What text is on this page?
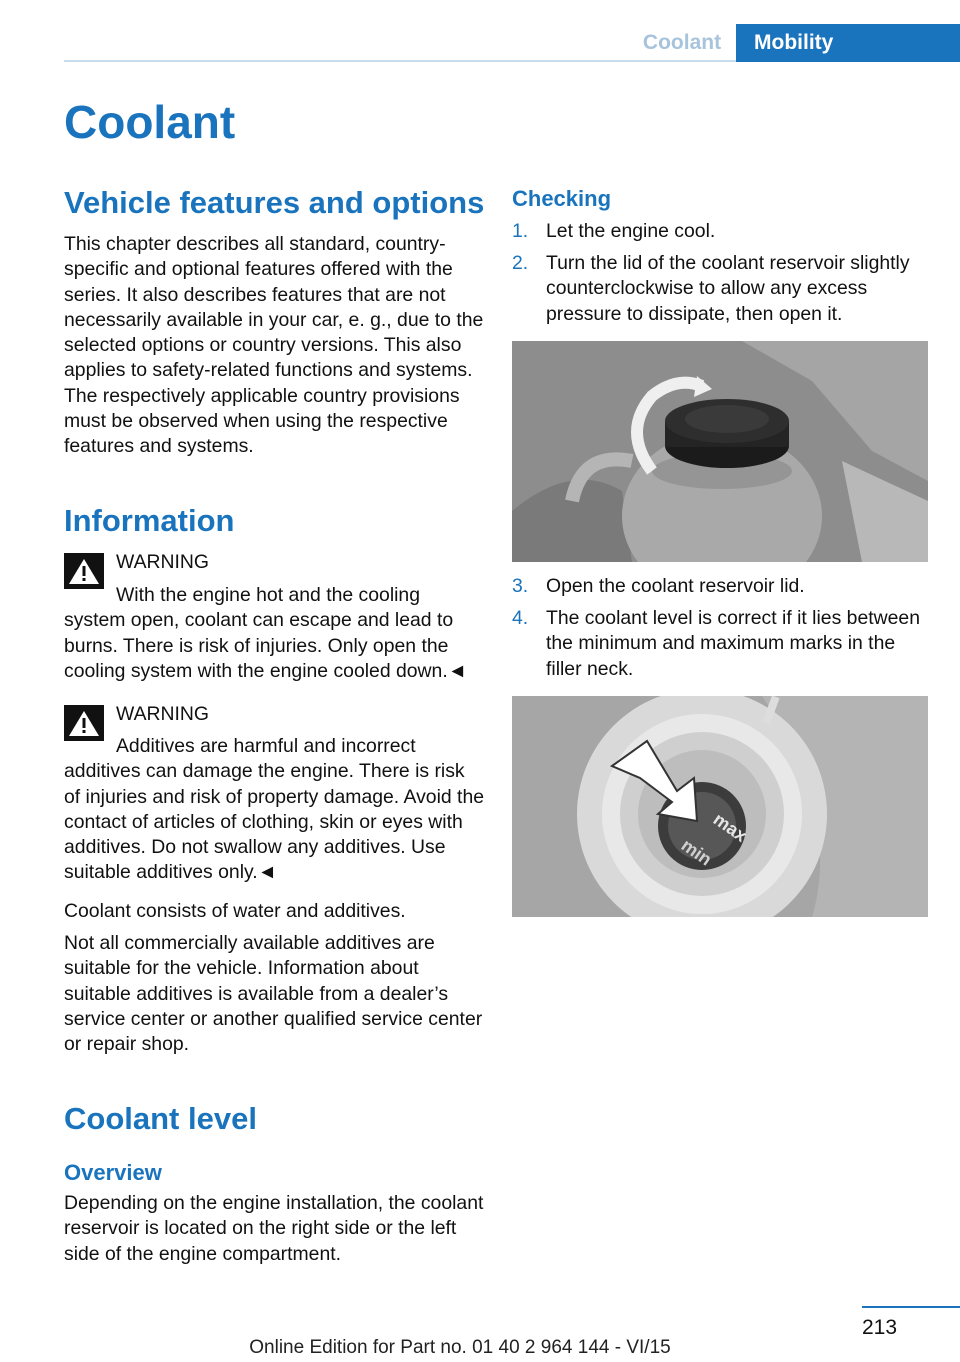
Coolant	Mobility
Coolant
Vehicle features and options
This chapter describes all standard, country-specific and optional features offered with the series. It also describes features that are not necessarily available in your car, e. g., due to the selected options or country versions. This also applies to safety-related functions and systems. The respectively applicable country provisions must be observed when using the respective features and systems.
Information
WARNING
With the engine hot and the cooling system open, coolant can escape and lead to burns. There is risk of injuries. Only open the cooling system with the engine cooled down.◄
WARNING
Additives are harmful and incorrect additives can damage the engine. There is risk of injuries and risk of property damage. Avoid the contact of articles of clothing, skin or eyes with additives. Do not swallow any additives. Use suitable additives only.◄
Coolant consists of water and additives.
Not all commercially available additives are suitable for the vehicle. Information about suitable additives is available from a dealer’s service center or another qualified service center or repair shop.
Coolant level
Overview
Depending on the engine installation, the coolant reservoir is located on the right side or the left side of the engine compartment.
Checking
1. Let the engine cool.
2. Turn the lid of the coolant reservoir slightly counterclockwise to allow any excess pressure to dissipate, then open it.
3. Open the coolant reservoir lid.
4. The coolant level is correct if it lies between the minimum and maximum marks in the filler neck.
max
min
213
Online Edition for Part no. 01 40 2 964 144 - VI/15
